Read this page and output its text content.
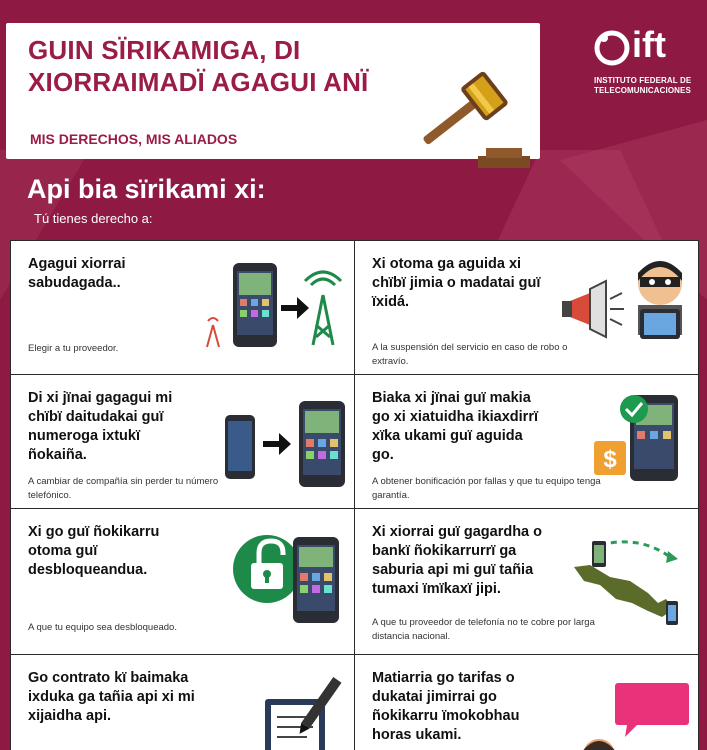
GUIN SÏRIKAMIGA, DI
XIORRAIMADÏ AGAGUI ANÏ
MIS DERECHOS, MIS ALIADOS
ift
INSTITUTO FEDERAL DE
TELECOMUNICACIONES
Api bia sïrikami xi:
Tú tienes derecho a:
Agagui xiorrai
sabudagada..
Elegir a tu proveedor.
Xi otoma ga aguida xi
chïbï jimia o madatai guï
ïxidá.
A la suspensión del servicio en caso de robo o
extravío.
Di xi jïnai gagagui mi
chïbï daitudakai guï
numeroga ixtukï
ñokaiña.
A cambiar de compañía sin perder tu número
telefónico.
Biaka xi jïnai guï makia
go xi xiatuidha ikiaxdirrï
xïka ukami guï aguida
go.
A obtener bonificación por fallas y que tu equipo tenga
garantía.
$
Xi go guï ñokikarru
otoma guï
desbloqueandua.
A que tu equipo sea desbloqueado.
Xi xiorrai guï gagardha o
bankï ñokikarrurrï ga
saburia api mi guï tañia
tumaxi ïmïkaxï jipi.
A que tu proveedor de telefonía no te cobre por larga
distancia nacional.
Go contrato kï baimaka
ixduka ga tañia api xi mi
xijaidha api.
Matiarria go tarifas o
dukatai jimirrai go
ñokikarru ïmokobhau
horas ukami.
